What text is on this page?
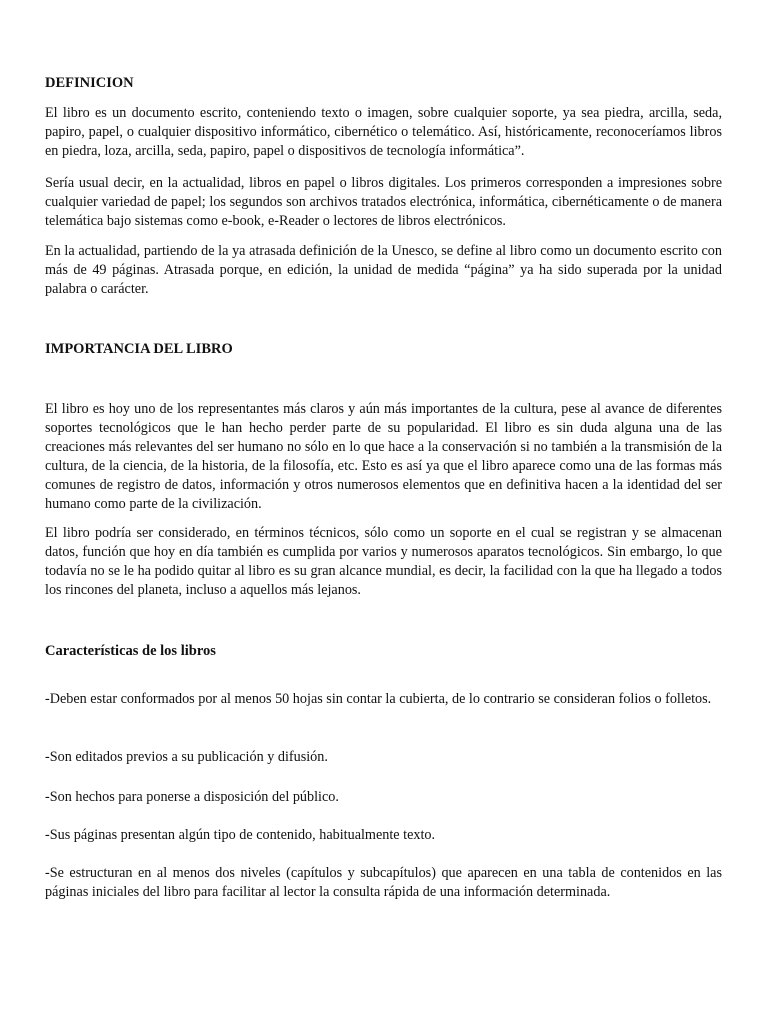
DEFINICION

El libro es un documento escrito, conteniendo texto o imagen, sobre cualquier soporte, ya sea piedra, arcilla, seda, papiro, papel, o cualquier dispositivo informático, cibernético o telemático. Así, históricamente, reconoceríamos libros en piedra, loza, arcilla, seda, papiro, papel o dispositivos de tecnología informática”.

Sería usual decir, en la actualidad, libros en papel o libros digitales. Los primeros corresponden a impresiones sobre cualquier variedad de papel; los segundos son archivos tratados electrónica, informática, cibernéticamente o de manera telemática bajo sistemas como e-book, e-Reader o lectores de libros electrónicos.

En la actualidad, partiendo de la ya atrasada definición de la Unesco, se define al libro como un documento escrito con más de 49 páginas. Atrasada porque, en edición, la unidad de medida “página” ya ha sido superada por la unidad palabra o carácter.

IMPORTANCIA DEL LIBRO

El libro es hoy uno de los representantes más claros y aún más importantes de la cultura, pese al avance de diferentes soportes tecnológicos que le han hecho perder parte de su popularidad. El libro es sin duda alguna una de las creaciones más relevantes del ser humano no sólo en lo que hace a la conservación si no también a la transmisión de la cultura, de la ciencia, de la historia, de la filosofía, etc. Esto es así ya que el libro aparece como una de las formas más comunes de registro de datos, información y otros numerosos elementos que en definitiva hacen a la identidad del ser humano como parte de la civilización.

El libro podría ser considerado, en términos técnicos, sólo como un soporte en el cual se registran y se almacenan datos, función que hoy en día también es cumplida por varios y numerosos aparatos tecnológicos. Sin embargo, lo que todavía no se le ha podido quitar al libro es su gran alcance mundial, es decir, la facilidad con la que ha llegado a todos los rincones del planeta, incluso a aquellos más lejanos.

Características de los libros

-Deben estar conformados por al menos 50 hojas sin contar la cubierta, de lo contrario se consideran folios o folletos.

-Son editados previos a su publicación y difusión.

-Son hechos para ponerse a disposición del público.

-Sus páginas presentan algún tipo de contenido, habitualmente texto.

-Se estructuran en al menos dos niveles (capítulos y subcapítulos) que aparecen en una tabla de contenidos en las páginas iniciales del libro para facilitar al lector la consulta rápida de una información determinada.
